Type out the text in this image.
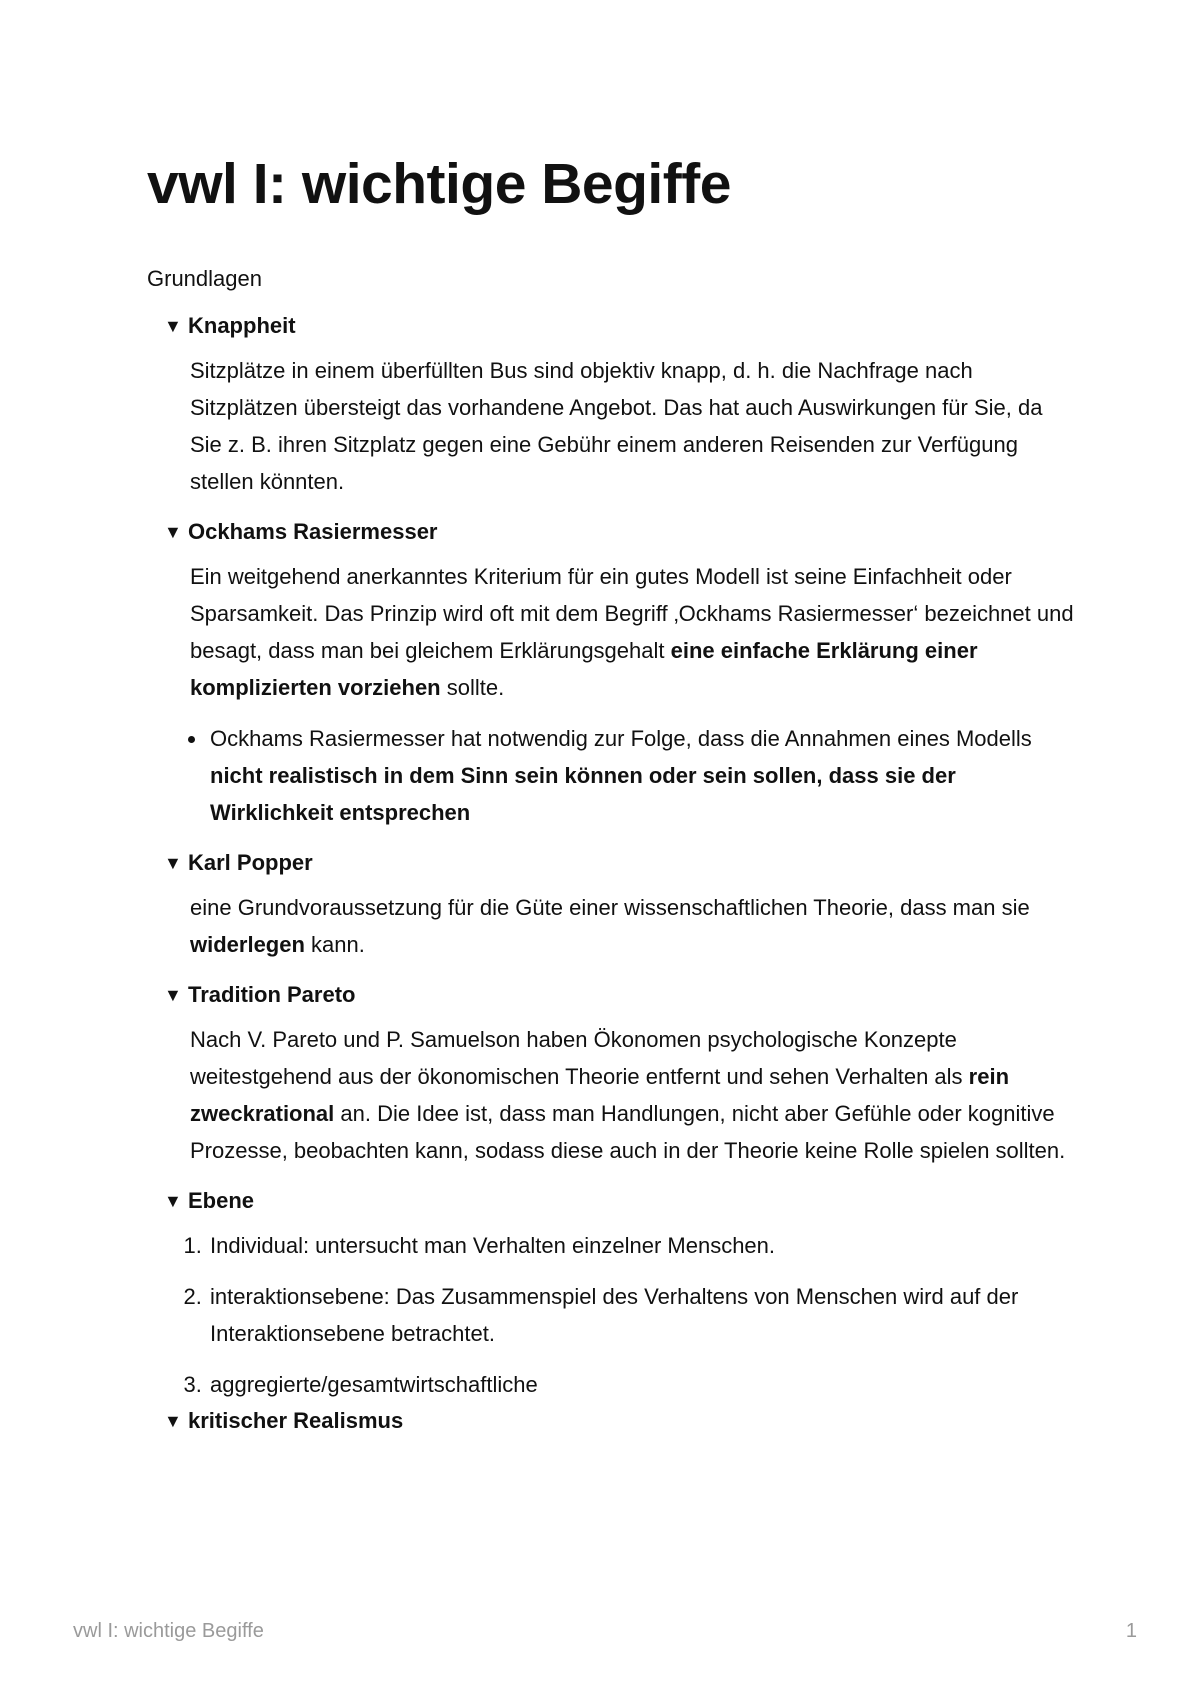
vwl I: wichtige Begiffe
Grundlagen
▼ Knappheit

Sitzplätze in einem überfüllten Bus sind objektiv knapp, d. h. die Nachfrage nach Sitzplätzen übersteigt das vorhandene Angebot. Das hat auch Auswirkungen für Sie, da Sie z. B. ihren Sitzplatz gegen eine Gebühr einem anderen Reisenden zur Verfügung stellen könnten.

▼ Ockhams Rasiermesser

Ein weitgehend anerkanntes Kriterium für ein gutes Modell ist seine Einfachheit oder Sparsamkeit. Das Prinzip wird oft mit dem Begriff ‚Ockhams Rasiermesser‘ bezeichnet und besagt, dass man bei gleichem Erklärungsgehalt eine einfache Erklärung einer komplizierten vorziehen sollte.

• Ockhams Rasiermesser hat notwendig zur Folge, dass die Annahmen eines Modells nicht realistisch in dem Sinn sein können oder sein sollen, dass sie der Wirklichkeit entsprechen
▼ Karl Popper

eine Grundvoraussetzung für die Güte einer wissenschaftlichen Theorie, dass man sie widerlegen kann.

▼ Tradition Pareto

Nach V. Pareto und P. Samuelson haben Ökonomen psychologische Konzepte weitestgehend aus der ökonomischen Theorie entfernt und sehen Verhalten als rein zweckrational an. Die Idee ist, dass man Handlungen, nicht aber Gefühle oder kognitive Prozesse, beobachten kann, sodass diese auch in der Theorie keine Rolle spielen sollten.

▼ Ebene
1. Individual: untersucht man Verhalten einzelner Menschen.
2. interaktionsebene: Das Zusammenspiel des Verhaltens von Menschen wird auf der Interaktionsebene betrachtet.
3. aggregierte/gesamtwirtschaftliche
▼ kritischer Realismus
vwl I: wichtige Begiffe	1
